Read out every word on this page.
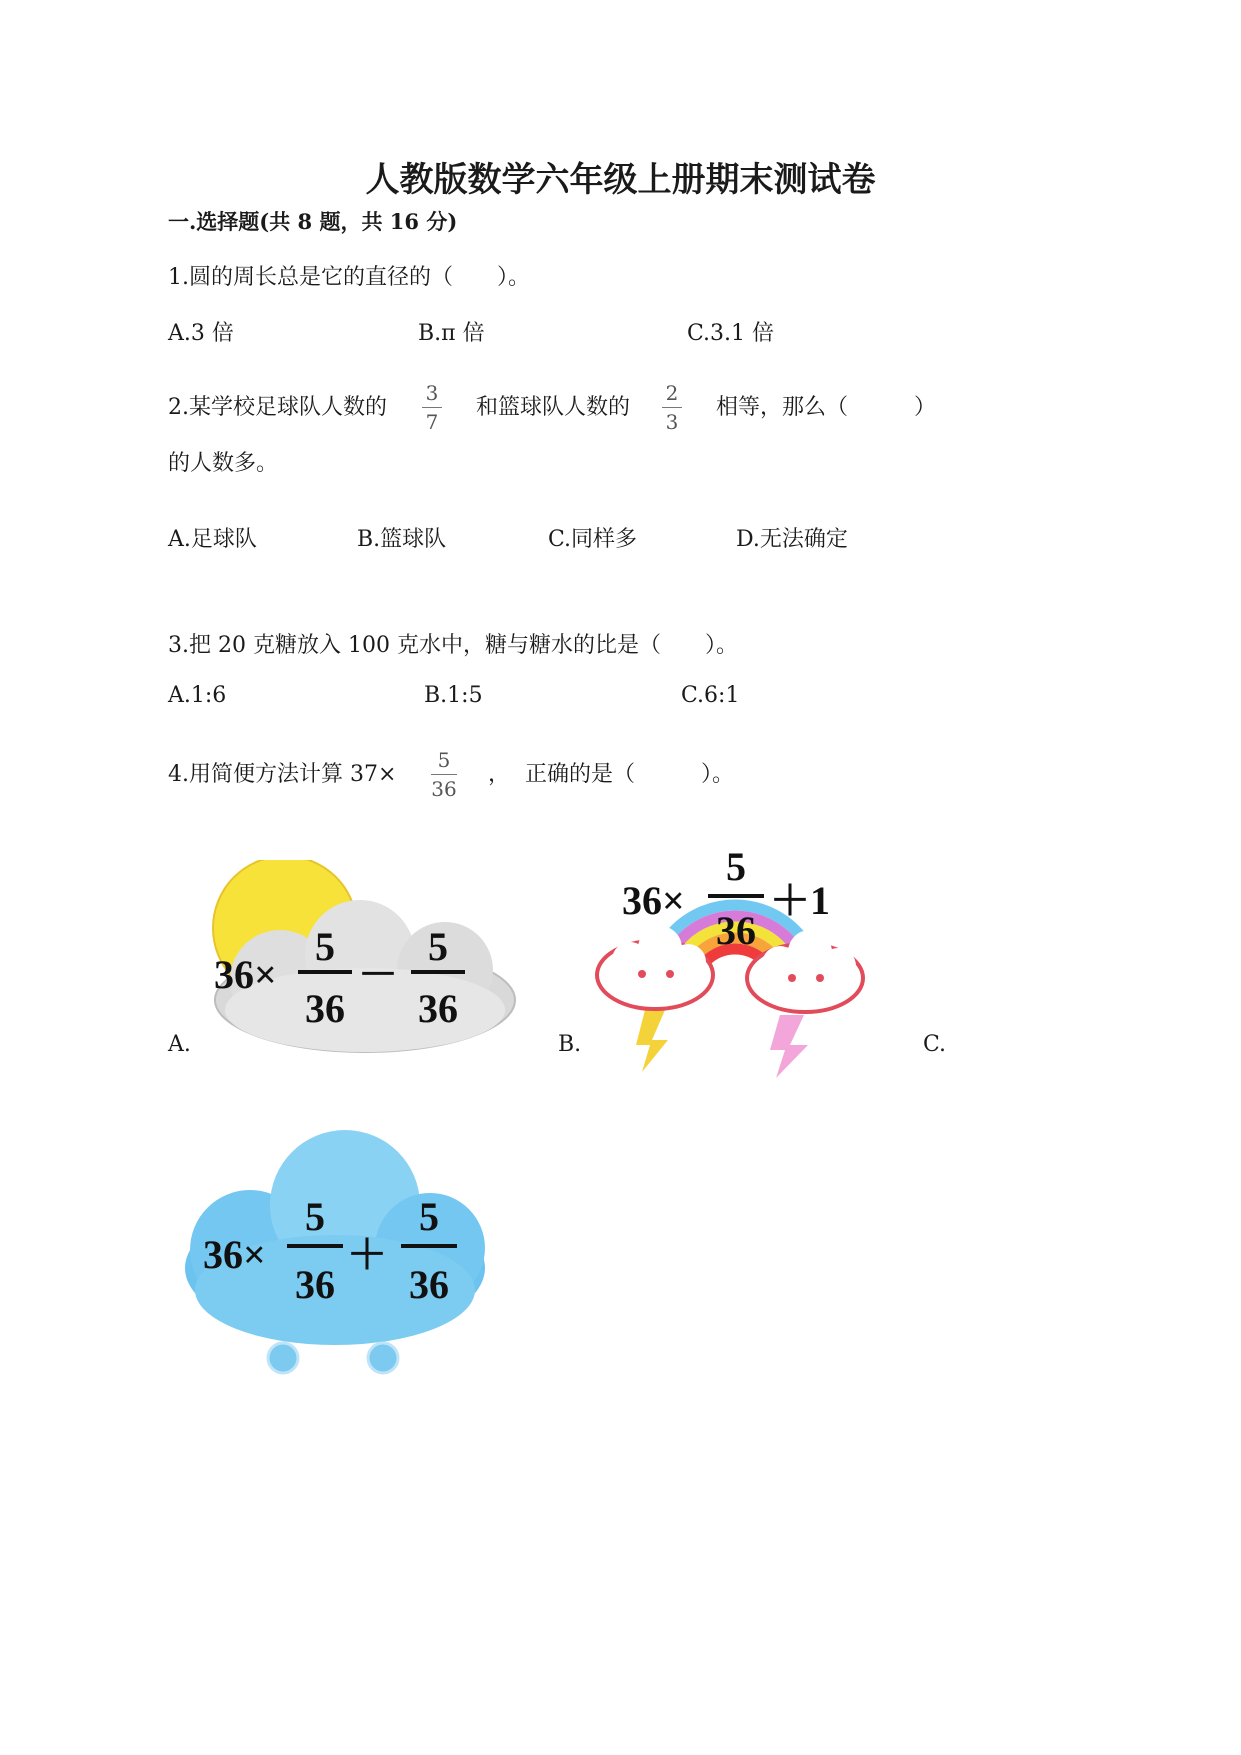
人教版数学六年级上册期末测试卷
一.选择题(共 8 题，共 16 分)
1.圆的周长总是它的直径的（　　）。
A.3 倍	B.π 倍	C.3.1 倍
2.某学校足球队人数的
3
7
和篮球队人数的
2
3
相等，那么（　　　）
的人数多。
A.足球队	B.篮球队	C.同样多	D.无法确定
3.把 20 克糖放入 100 克水中，糖与糖水的比是（　　）。
A.1:6	B.1:5	C.6:1
4.用简便方法计算 37×
5
36
， 正确的是（　　　）。
A.	B.	C.
36×
5
36
－
5
36
36×
5
36
＋1
36×
5
36
＋
5
36
